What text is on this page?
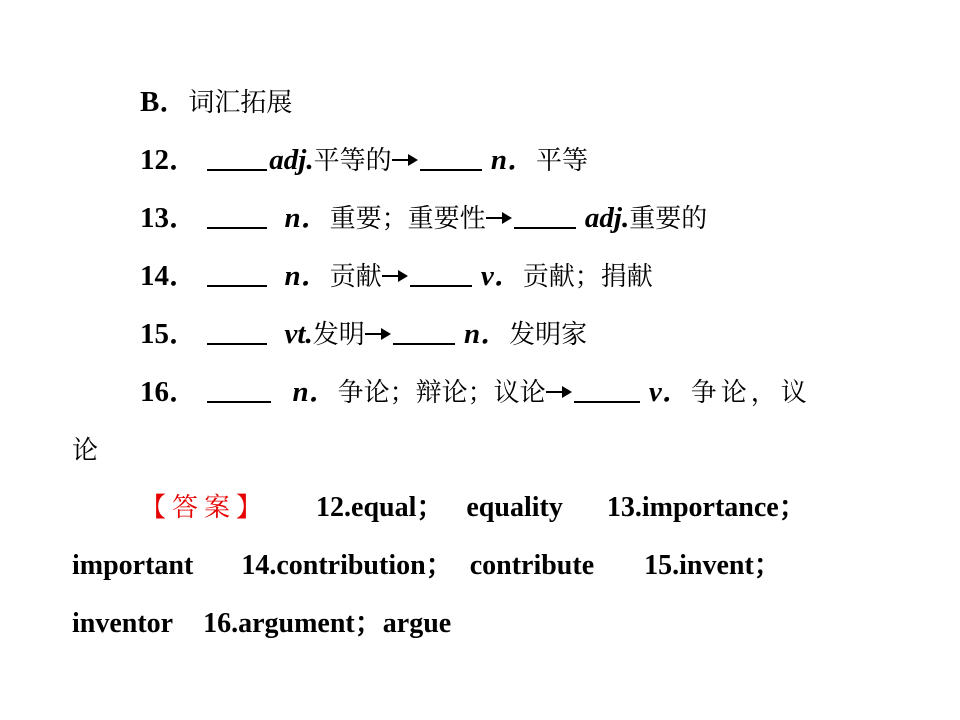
B．词汇拓展
12． adj.平等的	n．平等
13．	n．重要；重要性	adj.重要的
14．	n．贡献	v．贡献；捐献
15．	vt.发明	n．发明家
16．	n．争论；辩论；议论	v．争论，议
论
【答案】 12.equal； equality 13.importance；
important 14.contribution； contribute 15.invent；
inventor 16.argument；argue
